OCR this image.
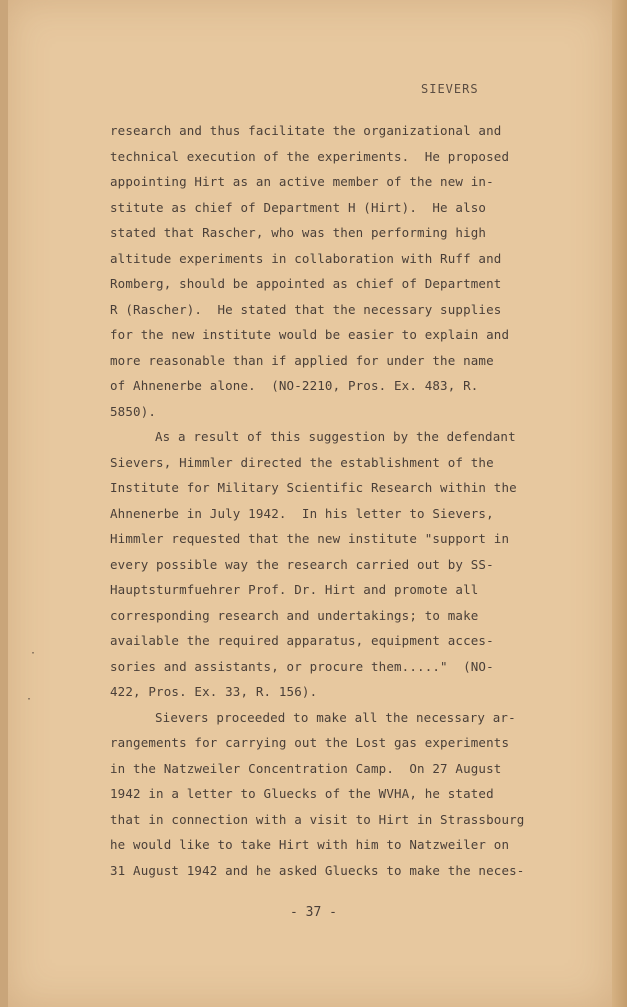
SIEVERS
research and thus facilitate the organizational and
technical execution of the experiments.  He proposed
appointing Hirt as an active member of the new in-
stitute as chief of Department H (Hirt).  He also
stated that Rascher, who was then performing high
altitude experiments in collaboration with Ruff and
Romberg, should be appointed as chief of Department
R (Rascher).  He stated that the necessary supplies
for the new institute would be easier to explain and
more reasonable than if applied for under the name
of Ahnenerbe alone.  (NO-2210, Pros. Ex. 483, R.
5850).
As a result of this suggestion by the defendant
Sievers, Himmler directed the establishment of the
Institute for Military Scientific Research within the
Ahnenerbe in July 1942.  In his letter to Sievers,
Himmler requested that the new institute "support in
every possible way the research carried out by SS-
Hauptsturmfuehrer Prof. Dr. Hirt and promote all
corresponding research and undertakings; to make
available the required apparatus, equipment acces-
sories and assistants, or procure them....."  (NO-
422, Pros. Ex. 33, R. 156).
Sievers proceeded to make all the necessary ar-
rangements for carrying out the Lost gas experiments
in the Natzweiler Concentration Camp.  On 27 August
1942 in a letter to Gluecks of the WVHA, he stated
that in connection with a visit to Hirt in Strassbourg
he would like to take Hirt with him to Natzweiler on
31 August 1942 and he asked Gluecks to make the neces-
·
·
- 37 -
